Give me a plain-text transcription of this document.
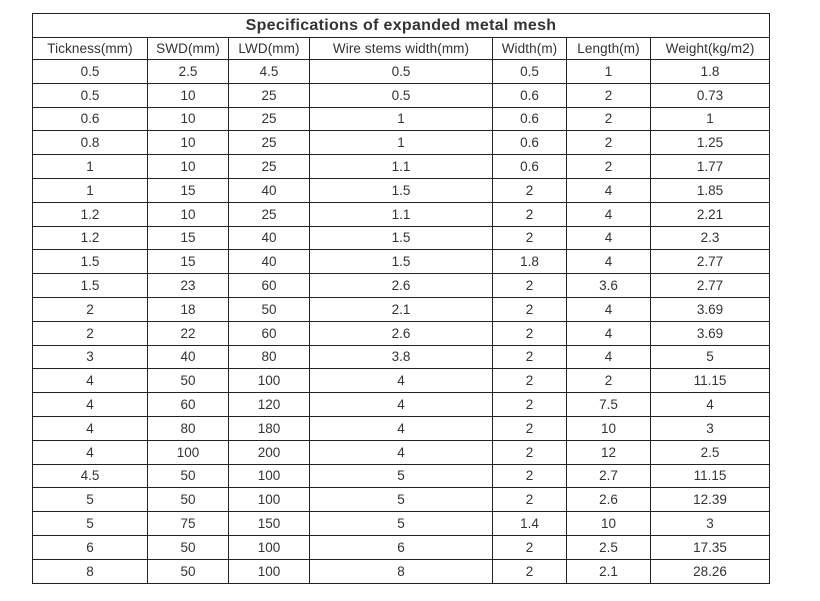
Specifications of expanded metal mesh						
Tickness(mm)	SWD(mm)	LWD(mm)	Wire stems width(mm)	Width(m)	Length(m)	Weight(kg/m2)
0.5	2.5	4.5	0.5	0.5	1	1.8
0.5	10	25	0.5	0.6	2	0.73
0.6	10	25	1	0.6	2	1
0.8	10	25	1	0.6	2	1.25
1	10	25	1.1	0.6	2	1.77
1	15	40	1.5	2	4	1.85
1.2	10	25	1.1	2	4	2.21
1.2	15	40	1.5	2	4	2.3
1.5	15	40	1.5	1.8	4	2.77
1.5	23	60	2.6	2	3.6	2.77
2	18	50	2.1	2	4	3.69
2	22	60	2.6	2	4	3.69
3	40	80	3.8	2	4	5
4	50	100	4	2	2	11.15
4	60	120	4	2	7.5	4
4	80	180	4	2	10	3
4	100	200	4	2	12	2.5
4.5	50	100	5	2	2.7	11.15
5	50	100	5	2	2.6	12.39
5	75	150	5	1.4	10	3
6	50	100	6	2	2.5	17.35
8	50	100	8	2	2.1	28.26
